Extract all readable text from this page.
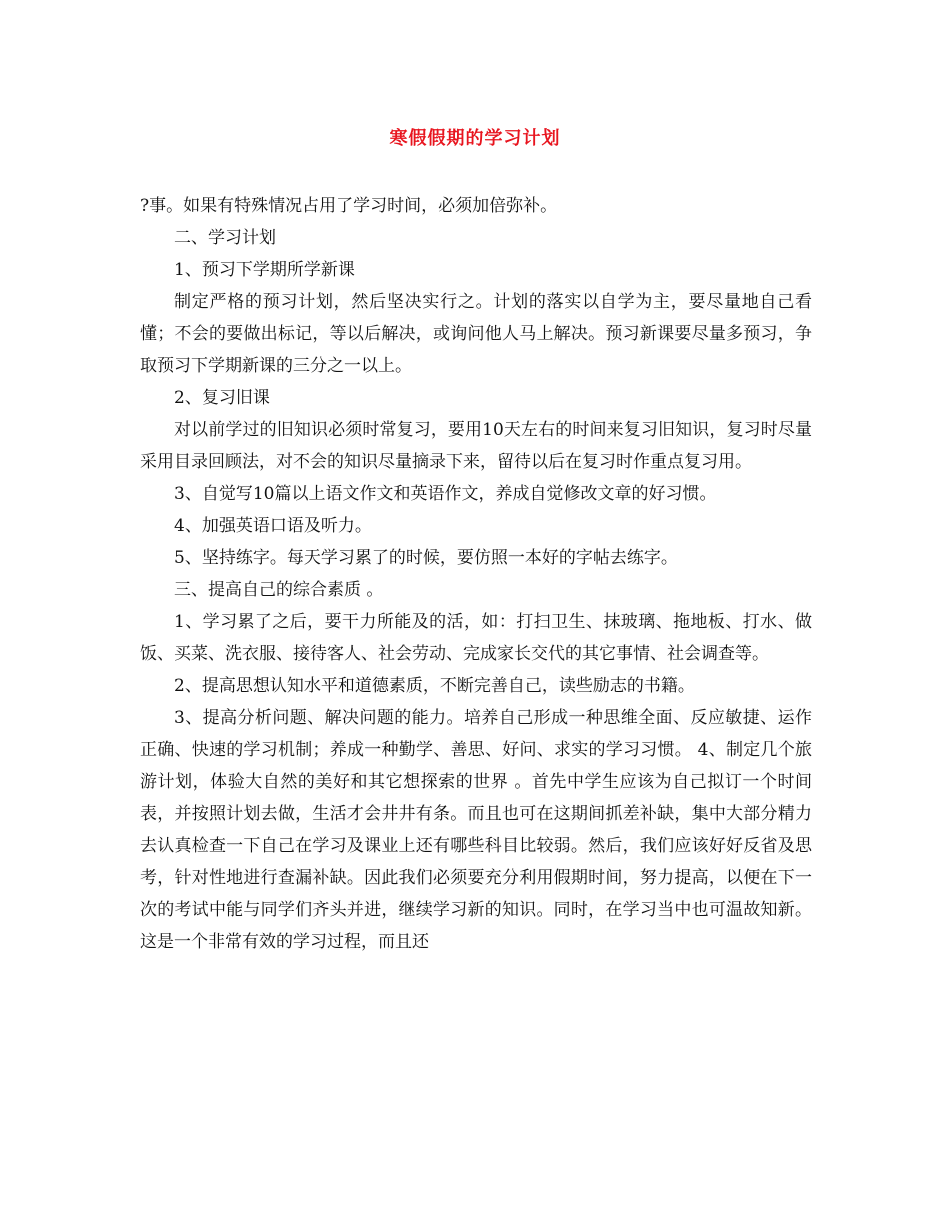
寒假假期的学习计划

?事。如果有特殊情况占用了学习时间，必须加倍弥补。

二、学习计划

1、预习下学期所学新课

制定严格的预习计划，然后坚决实行之。计划的落实以自学为主，要尽量地自己看懂；不会的要做出标记，等以后解决，或询问他人马上解决。预习新课要尽量多预习，争取预习下学期新课的三分之一以上。

2、复习旧课

对以前学过的旧知识必须时常复习，要用10天左右的时间来复习旧知识，复习时尽量采用目录回顾法，对不会的知识尽量摘录下来，留待以后在复习时作重点复习用。

3、自觉写10篇以上语文作文和英语作文，养成自觉修改文章的好习惯。

4、加强英语口语及听力。

5、坚持练字。每天学习累了的时候，要仿照一本好的字帖去练字。

三、提高自己的综合素质 。

1、学习累了之后，要干力所能及的活，如：打扫卫生、抹玻璃、拖地板、打水、做饭、买菜、洗衣服、接待客人、社会劳动、完成家长交代的其它事情、社会调查等。

2、提高思想认知水平和道德素质，不断完善自己，读些励志的书籍。

3、提高分析问题、解决问题的能力。培养自己形成一种思维全面、反应敏捷、运作正确、快速的学习机制；养成一种勤学、善思、好问、求实的学习习惯。 4、制定几个旅游计划，体验大自然的美好和其它想探索的世界 。首先中学生应该为自己拟订一个时间表，并按照计划去做，生活才会井井有条。而且也可在这期间抓差补缺，集中大部分精力去认真检查一下自己在学习及课业上还有哪些科目比较弱。然后，我们应该好好反省及思考，针对性地进行查漏补缺。因此我们必须要充分利用假期时间，努力提高，以便在下一次的考试中能与同学们齐头并进，继续学习新的知识。同时，在学习当中也可温故知新。这是一个非常有效的学习过程，而且还
